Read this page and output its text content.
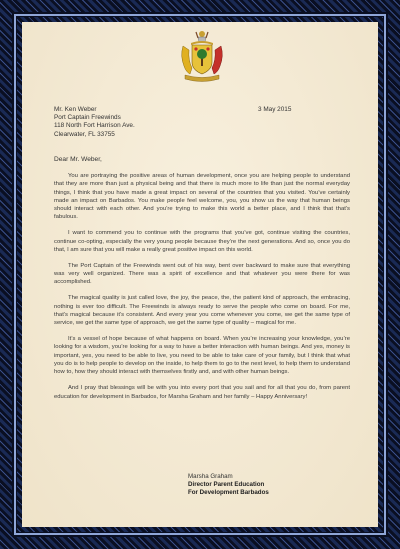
Mr. Ken Weber
Port Captain Freewinds
118 North Fort Harrison Ave.
Clearwater, FL 33755
3 May 2015
Dear Mr. Weber,

You are portraying the positive areas of human development, once you are helping people to understand that they are more than just a physical being and that there is much more to life than just the normal everyday things, I think that you have made a great impact on several of the countries that you visited. You’ve certainly made an impact on Barbados. You make people feel welcome, you, you show us the way that human beings should interact with each other. And you’re trying to make this world a better place, and I think that that’s fabulous.

I want to commend you to continue with the programs that you’ve got, continue visiting the countries, continue co-opting, especially the very young people because they’re the next generations. And so, once you do that, I am sure that you will make a really great positive impact on this world.

The Port Captain of the Freewinds went out of his way, bent over backward to make sure that everything was very well organized. There was a spirit of excellence and that whatever you were there for was accomplished.

The magical quality is just called love, the joy, the peace, the, the patient kind of approach, the embracing, nothing is ever too difficult. The Freewinds is always ready to serve the people who come on board. For me, that’s magical because it’s consistent. And every year you come whenever you come, we get the same type of service, we get the same type of approach, we get the same type of quality – magical for me.

It’s a vessel of hope because of what happens on board. When you’re increasing your knowledge, you’re looking for a wisdom, you’re looking for a way to have a better interaction with human beings. And yes, money is important, yes, you need to be able to live, you need to be able to take care of your family, but I think that what you do is to help people to develop on the inside, to help them to go to the next level, to help them to understand how to, how they should interact with themselves firstly and, and with other human beings.

And I pray that blessings will be with you into every port that you sail and for all that you do, from parent education for development in Barbados, for Marsha Graham and her family – Happy Anniversary!

Marsha Graham
Director Parent Education
For Development Barbados
